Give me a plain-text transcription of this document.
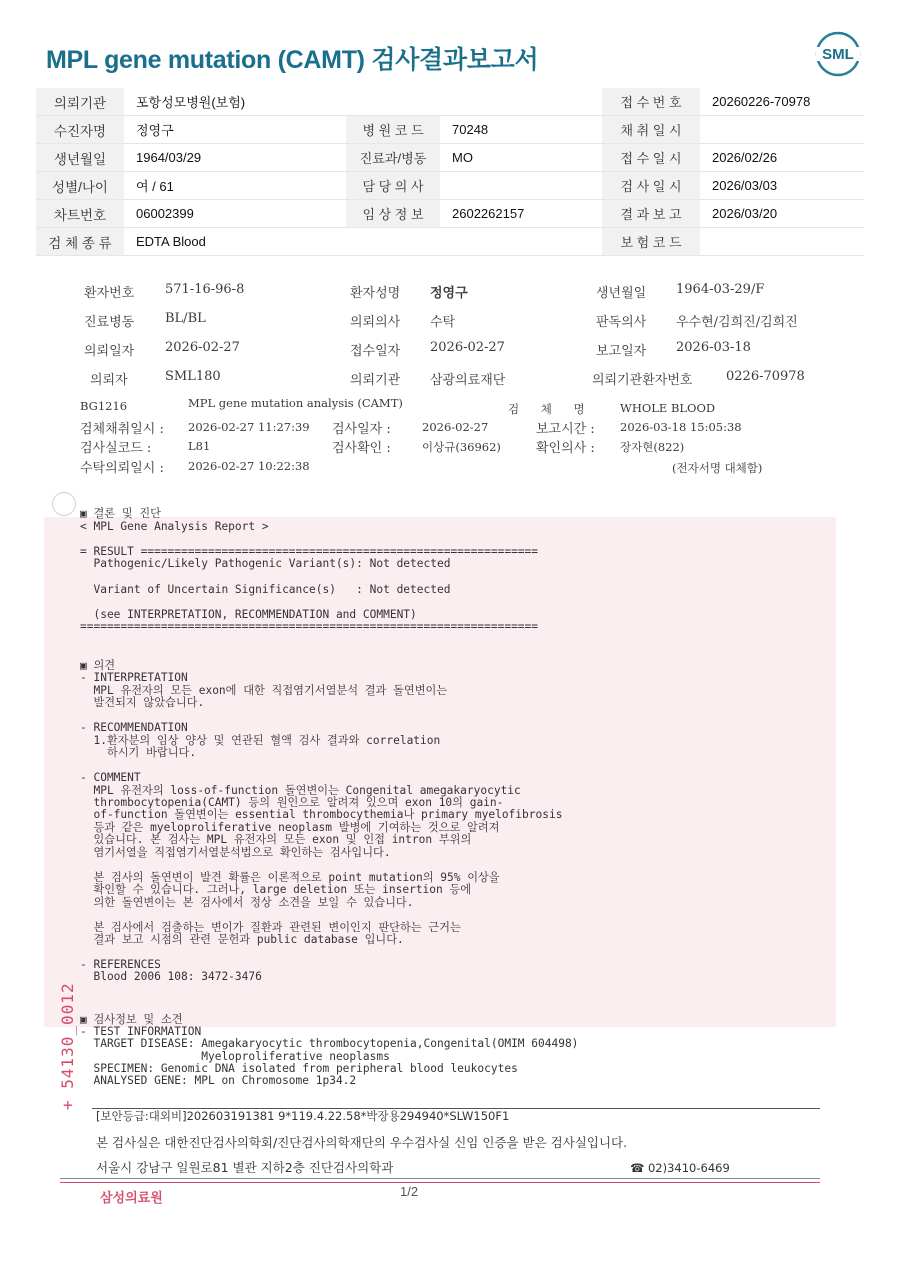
MPL gene mutation (CAMT) 검사결과보고서	SML
의뢰기관	포항성모병원(보험)			접 수 번 호	20260226-70978
수진자명	정영구	병 원 코 드	70248	채 취 일 시	
생년월일	1964/03/29	진료과/병동	MO	접 수 일 시	2026/02/26
성별/나이	여 / 61	담 당 의 사		검 사 일 시	2026/03/03
차트번호	06002399	임 상 정 보	2602262157	결 과 보 고	2026/03/20
검 체 종 류	EDTA Blood			보 험 코 드	
환자번호 571-16-96-8	환자성명 정영구	생년월일 1964-03-29/F
진료병동 BL/BL	의뢰의사 수탁	판독의사 우수현/김희진/김희진
의뢰일자 2026-02-27	접수일자 2026-02-27	보고일자 2026-03-18
의뢰자	SML180	의뢰기관 삼광의료재단	의뢰기관환자번호	0226-70978
BG1216	MPL gene mutation analysis (CAMT)	검 체 명 WHOLE BLOOD
검체채취일시 : 2026-02-27 11:27:39 검사일자 :	2026-02-27	보고시간 : 2026-03-18 15:05:38
검사실코드 :	L81	검사확인 :	이상규(36962)	확인의사 : 장자현(822)
수탁의뢰일시 : 2026-02-27 10:22:38	(전자서명 대체함)
▣ 결론 및 진단
< MPL Gene Analysis Report >

= RESULT ===========================================================
Pathogenic/Likely Pathogenic Variant(s): Not detected

Variant of Uncertain Significance(s)   : Not detected

(see INTERPRETATION, RECOMMENDATION and COMMENT)
====================================================================
▣ 의견
- INTERPRETATION
MPL 유전자의 모든 exon에 대한 직접염기서열분석 결과 돌연변이는
발견되지 않았습니다.

- RECOMMENDATION
1.환자분의 임상 양상 및 연관된 혈액 검사 결과와 correlation
하시기 바랍니다.

- COMMENT
MPL 유전자의 loss-of-function 돌연변이는 Congenital amegakaryocytic
thrombocytopenia(CAMT) 등의 원인으로 알려져 있으며 exon 10의 gain-
of-function 돌연변이는 essential thrombocythemia나 primary myelofibrosis
등과 같은 myeloproliferative neoplasm 발병에 기여하는 것으로 알려져
있습니다. 본 검사는 MPL 유전자의 모든 exon 및 인접 intron 부위의
염기서열을 직접염기서열분석법으로 확인하는 검사입니다.

본 검사의 돌연변이 발견 확률은 이론적으로 point mutation의 95% 이상을
확인할 수 있습니다. 그러나, large deletion 또는 insertion 등에
의한 돌연변이는 본 검사에서 정상 소견을 보일 수 있습니다.

본 검사에서 검출하는 변이가 질환과 관련된 변이인지 판단하는 근거는
결과 보고 시점의 관련 문헌과 public database 입니다.

- REFERENCES
Blood 2006 108: 3472-3476
▣ 검사정보 및 소견
- TEST INFORMATION
TARGET DISEASE: Amegakaryocytic thrombocytopenia,Congenital(OMIM 604498)
Myeloproliferative neoplasms
SPECIMEN: Genomic DNA isolated from peripheral blood leukocytes
ANALYSED GENE: MPL on Chromosome 1p34.2
+ 54130_0012
[보안등급:대외비]202603191381 9*119.4.22.58*박장용294940*SLW150F1
본 검사실은 대한진단검사의학회/진단검사의학재단의 우수검사실 신임 인증을 받은 검사실입니다.
서울시 강남구 일원로81 별관 지하2층 진단검사의학과	☎ 02)3410-6469
삼성의료원	1/2
